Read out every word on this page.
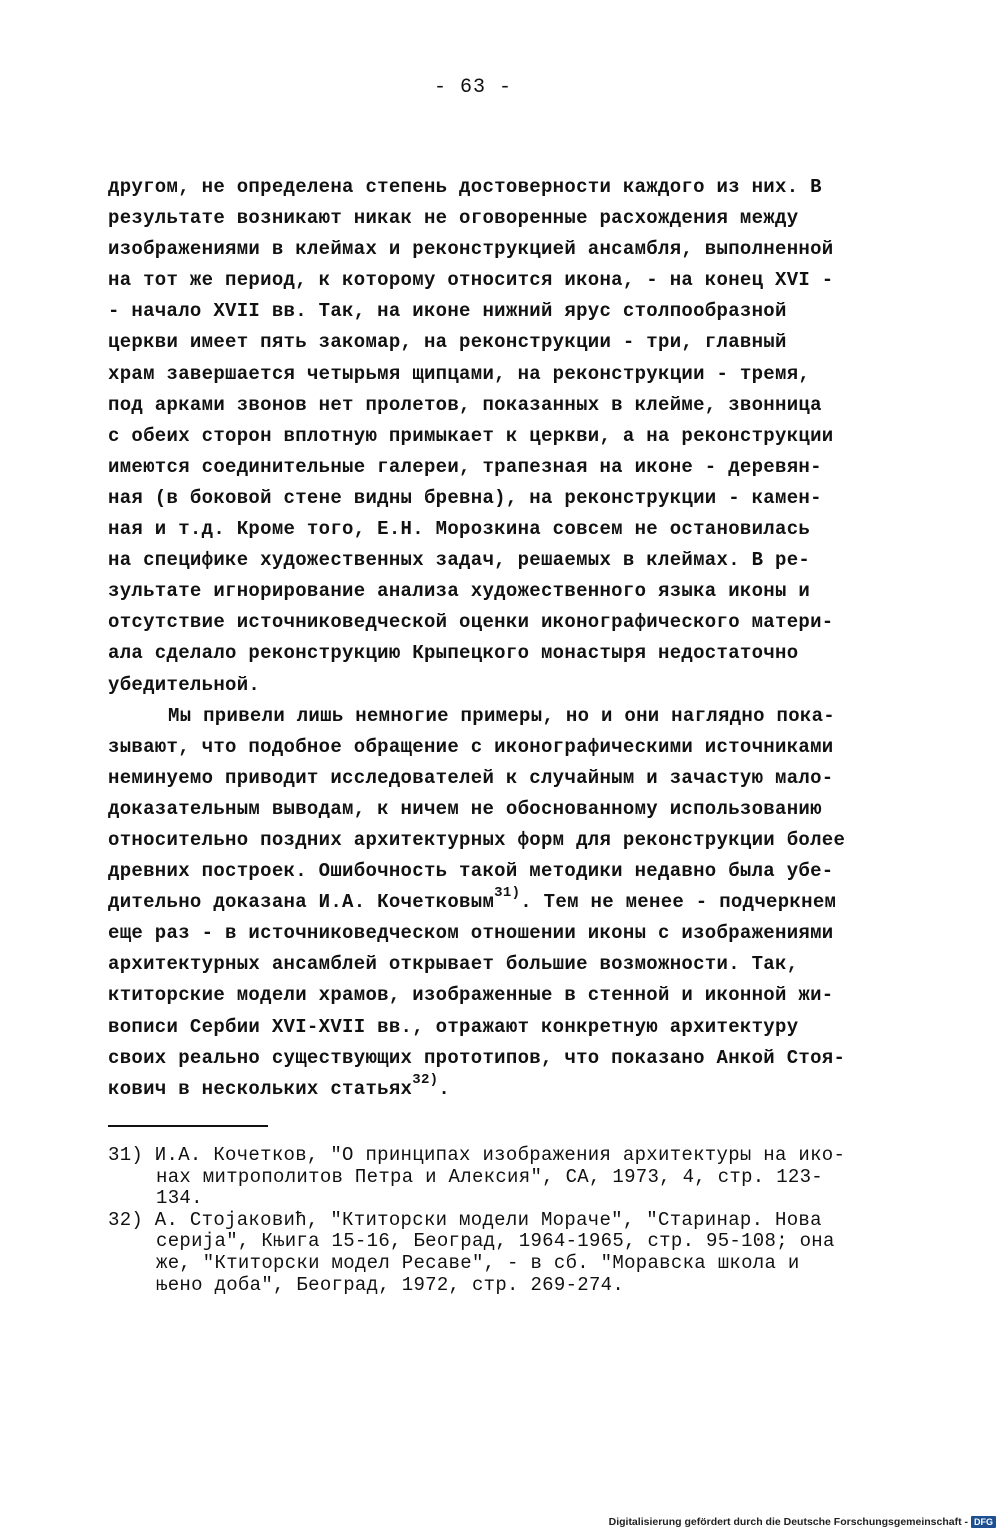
- 63 -
другом, не определена степень достоверности каждого из них. В
результате возникают никак не оговоренные расхождения между
изображениями в клеймах и реконструкцией ансамбля, выполненной
на тот же период, к которому относится икона, - на конец XVI -
- начало XVII вв. Так, на иконе нижний ярус столпообразной
церкви имеет пять закомар, на реконструкции - три, главный
храм завершается четырьмя щипцами, на реконструкции - тремя,
под арками звонов нет пролетов, показанных в клейме, звонница
с обеих сторон вплотную примыкает к церкви, а на реконструкции
имеются соединительные галереи, трапезная на иконе - деревян-
ная (в боковой стене видны бревна), на реконструкции - камен-
ная и т.д. Кроме того, Е.Н. Морозкина совсем не остановилась
на специфике художественных задач, решаемых в клеймах. В ре-
зультате игнорирование анализа художественного языка иконы и
отсутствие источниковедческой оценки иконографического матери-
ала сделало реконструкцию Крыпецкого монастыря недостаточно
убедительной.
Мы привели лишь немногие примеры, но и они наглядно пока-
зывают, что подобное обращение с иконографическими источниками
неминуемо приводит исследователей к случайным и зачастую мало-
доказательным выводам, к ничем не обоснованному использованию
относительно поздних архитектурных форм для реконструкции более
древних построек. Ошибочность такой методики недавно была убе-
дительно доказана И.А. Кочетковым$^{31)}$. Тем не менее - подчеркнем
еще раз - в источниковедческом отношении иконы с изображениями
архитектурных ансамблей открывает большие возможности. Так,
ктиторские модели храмов, изображенные в стенной и иконной жи-
вописи Сербии XVI-XVII вв., отражают конкретную архитектуру
своих реально существующих прототипов, что показано Анкой Стоя-
кович в нескольких статьях$^{32)}$.
31) И.А. Кочетков, "О принципах изображения архитектуры на ико-
нах митрополитов Петра и Алексия", СА, 1973, 4, стр. 123-
134.
32) А. Стојаковић, "Ктиторски модели Мораче", "Старинар. Нова
серија", Књига 15-16, Београд, 1964-1965, стр. 95-108; она
же, "Ктиторски модел Ресаве", - в сб. "Моравска школа и
њено доба", Београд, 1972, стр. 269-274.
Digitalisierung gefördert durch die Deutsche Forschungsgemeinschaft - DFG
